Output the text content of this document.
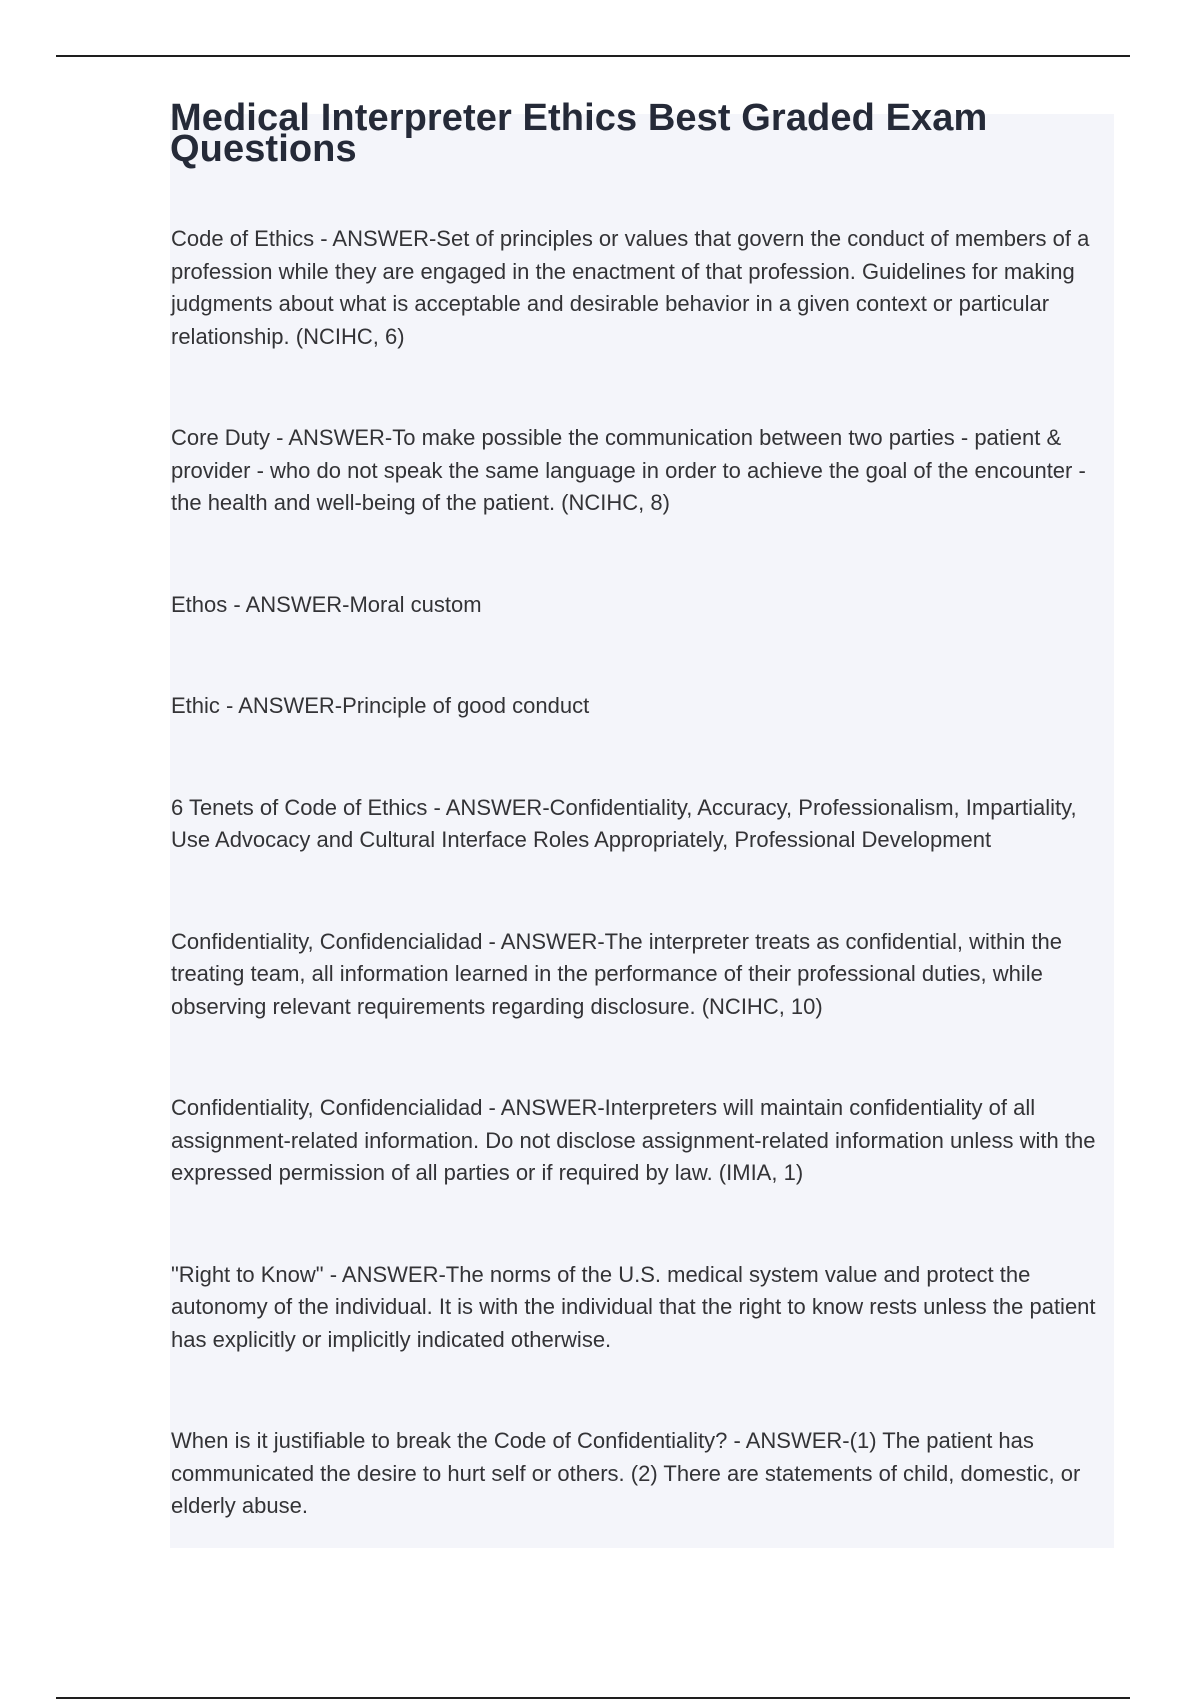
Medical Interpreter Ethics Best Graded Exam Questions
Code of Ethics - ANSWER-Set of principles or values that govern the conduct of members of a profession while they are engaged in the enactment of that profession. Guidelines for making judgments about what is acceptable and desirable behavior in a given context or particular relationship. (NCIHC, 6)
Core Duty - ANSWER-To make possible the communication between two parties - patient & provider - who do not speak the same language in order to achieve the goal of the encounter - the health and well-being of the patient. (NCIHC, 8)
Ethos - ANSWER-Moral custom
Ethic - ANSWER-Principle of good conduct
6 Tenets of Code of Ethics - ANSWER-Confidentiality, Accuracy, Professionalism, Impartiality, Use Advocacy and Cultural Interface Roles Appropriately, Professional Development
Confidentiality, Confidencialidad - ANSWER-The interpreter treats as confidential, within the treating team, all information learned in the performance of their professional duties, while observing relevant requirements regarding disclosure. (NCIHC, 10)
Confidentiality, Confidencialidad - ANSWER-Interpreters will maintain confidentiality of all assignment-related information. Do not disclose assignment-related information unless with the expressed permission of all parties or if required by law. (IMIA, 1)
"Right to Know" - ANSWER-The norms of the U.S. medical system value and protect the autonomy of the individual. It is with the individual that the right to know rests unless the patient has explicitly or implicitly indicated otherwise.
When is it justifiable to break the Code of Confidentiality? - ANSWER-(1) The patient has communicated the desire to hurt self or others. (2) There are statements of child, domestic, or elderly abuse.
